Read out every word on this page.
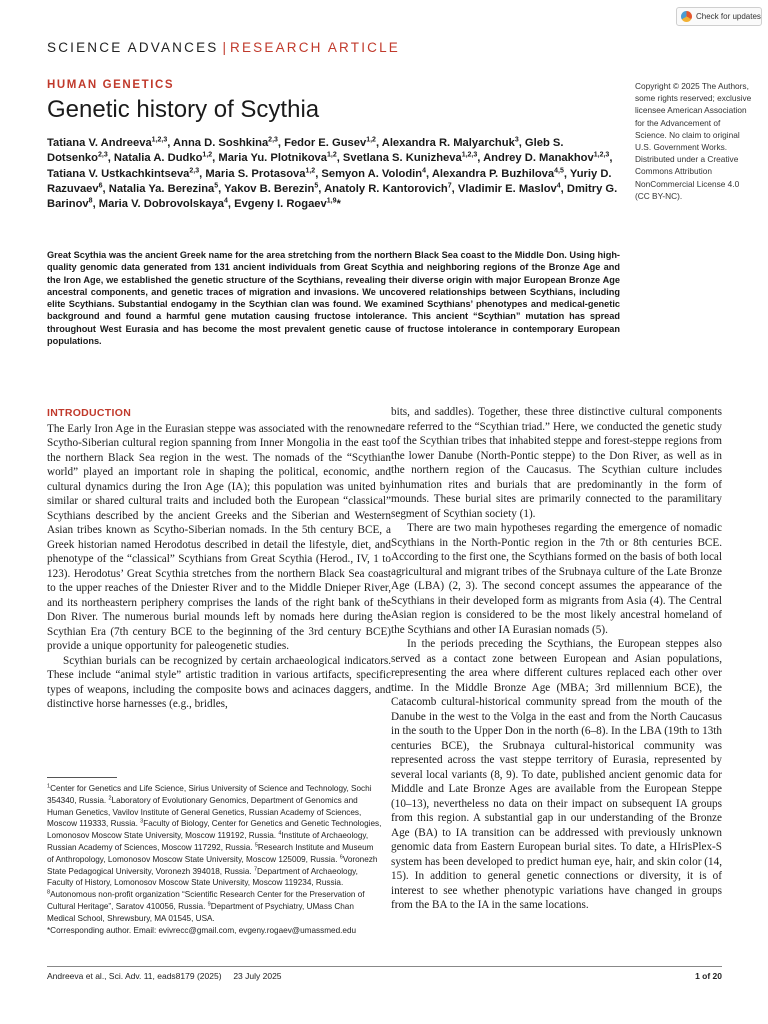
Check for updates
SCIENCE ADVANCES | RESEARCH ARTICLE
HUMAN GENETICS
Genetic history of Scythia
Tatiana V. Andreeva$^{1,2,3}$, Anna D. Soshkina$^{2,3}$, Fedor E. Gusev$^{1,2}$, Alexandra R. Malyarchuk$^3$, Gleb S. Dotsenko$^{2,3}$, Natalia A. Dudko$^{1,2}$, Maria Yu. Plotnikova$^{1,2}$, Svetlana S. Kunizheva$^{1,2,3}$, Andrey D. Manakhov$^{1,2,3}$, Tatiana V. Ustkachkintseva$^{2,3}$, Maria S. Protasova$^{1,2}$, Semyon A. Volodin$^4$, Alexandra P. Buzhilova$^{4,5}$, Yuriy D. Razuvaev$^6$, Natalia Ya. Berezina$^5$, Yakov B. Berezin$^5$, Anatoly R. Kantorovich$^7$, Vladimir E. Maslov$^4$, Dmitry G. Barinov$^8$, Maria V. Dobrovolskaya$^4$, Evgeny I. Rogaev$^{1,9}$*
Copyright © 2025 The Authors, some rights reserved; exclusive licensee American Association for the Advancement of Science. No claim to original U.S. Government Works. Distributed under a Creative Commons Attribution NonCommercial License 4.0 (CC BY-NC).
Great Scythia was the ancient Greek name for the area stretching from the northern Black Sea coast to the Middle Don. Using high-quality genomic data generated from 131 ancient individuals from Great Scythia and neighboring regions of the Bronze Age and the Iron Age, we established the genetic structure of the Scythians, revealing their diverse origin with major European Bronze Age ancestral components, and genetic traces of migration and invasions. We uncovered relationships between Scythians, including elite Scythians. Substantial endogamy in the Scythian clan was found. We examined Scythians’ phenotypes and medical-genetic background and found a harmful gene mutation causing fructose intolerance. This ancient “Scythian” mutation has spread throughout West Eurasia and has become the most prevalent genetic cause of fructose intolerance in contemporary European populations.
INTRODUCTION

The Early Iron Age in the Eurasian steppe was associated with the renowned Scytho-Siberian cultural region spanning from Inner Mongolia in the east to the northern Black Sea region in the west. The nomads of the “Scythian world” played an important role in shaping the political, economic, and cultural dynamics during the Iron Age (IA); this population was united by similar or shared cultural traits and included both the European “classical” Scythians described by the ancient Greeks and the Siberian and Western Asian tribes known as Scytho-Siberian nomads. In the 5th century BCE, a Greek historian named Herodotus described in detail the lifestyle, diet, and phenotype of the “classical” Scythians from Great Scythia (Herod., IV, 1 to 123). Herodotus’ Great Scythia stretches from the northern Black Sea coast to the upper reaches of the Dniester River and to the Middle Dnieper River, and its northeastern periphery comprises the lands of the right bank of the Don River. The numerous burial mounds left by nomads here during the Scythian Era (7th century BCE to the beginning of the 3rd century BCE) provide a unique opportunity for paleogenetic studies.

Scythian burials can be recognized by certain archaeological indicators. These include “animal style” artistic tradition in various artifacts, specific types of weapons, including the composite bows and acinaces daggers, and distinctive horse harnesses (e.g., bridles,

bits, and saddles). Together, these three distinctive cultural components are referred to the “Scythian triad.” Here, we conducted the genetic study of the Scythian tribes that inhabited steppe and forest-steppe regions from the lower Danube (North-Pontic steppe) to the Don River, as well as in the northern region of the Caucasus. The Scythian culture includes inhumation rites and burials that are predominantly in the form of mounds. These burial sites are primarily connected to the paramilitary segment of Scythian society (1).

There are two main hypotheses regarding the emergence of nomadic Scythians in the North-Pontic region in the 7th or 8th centuries BCE. According to the first one, the Scythians formed on the basis of both local agricultural and migrant tribes of the Srubnaya culture of the Late Bronze Age (LBA) (2, 3). The second concept assumes the appearance of the Scythians in their developed form as migrants from Asia (4). The Central Asian region is considered to be the most likely ancestral homeland of the Scythians and other IA Eurasian nomads (5).

In the periods preceding the Scythians, the European steppes also served as a contact zone between European and Asian populations, representing the area where different cultures replaced each other over time. In the Middle Bronze Age (MBA; 3rd millennium BCE), the Catacomb cultural-historical community spread from the mouth of the Danube in the west to the Volga in the east and from the North Caucasus in the south to the Upper Don in the north (6–8). In the LBA (19th to 13th centuries BCE), the Srubnaya cultural-historical community was represented across the vast steppe territory of Eurasia, represented by several local variants (8, 9). To date, published ancient genomic data for Middle and Late Bronze Ages are available from the European Steppe (10–13), nevertheless no data on their impact on subsequent IA groups from this region. A substantial gap in our understanding of the Bronze Age (BA) to IA transition can be addressed with previously unknown genomic data from Eastern European burial sites. To date, a HIrisPlex-S system has been developed to predict human eye, hair, and skin color (14, 15). In addition to general genetic connections or diversity, it is of interest to see whether phenotypic variations have changed in groups from the BA to the IA in the same locations.

$^1$Center for Genetics and Life Science, Sirius University of Science and Technology, Sochi 354340, Russia. $^2$Laboratory of Evolutionary Genomics, Department of Genomics and Human Genetics, Vavilov Institute of General Genetics, Russian Academy of Sciences, Moscow 119333, Russia. $^3$Faculty of Biology, Center for Genetics and Genetic Technologies, Lomonosov Moscow State University, Moscow 119192, Russia. $^4$Institute of Archaeology, Russian Academy of Sciences, Moscow 117292, Russia. $^5$Research Institute and Museum of Anthropology, Lomonosov Moscow State University, Moscow 125009, Russia. $^6$Voronezh State Pedagogical University, Voronezh 394018, Russia. $^7$Department of Archaeology, Faculty of History, Lomonosov Moscow State University, Moscow 119234, Russia. $^8$Autonomous non-profit organization “Scientific Research Center for the Preservation of Cultural Heritage”, Saratov 410056, Russia. $^9$Department of Psychiatry, UMass Chan Medical School, Shrewsbury, MA 01545, USA.
*Corresponding author. Email: evivrecc@gmail.com, evgeny.rogaev@umassmed.edu
Andreeva et al., Sci. Adv. 11, eads8179 (2025)     23 July 2025	1 of 20
